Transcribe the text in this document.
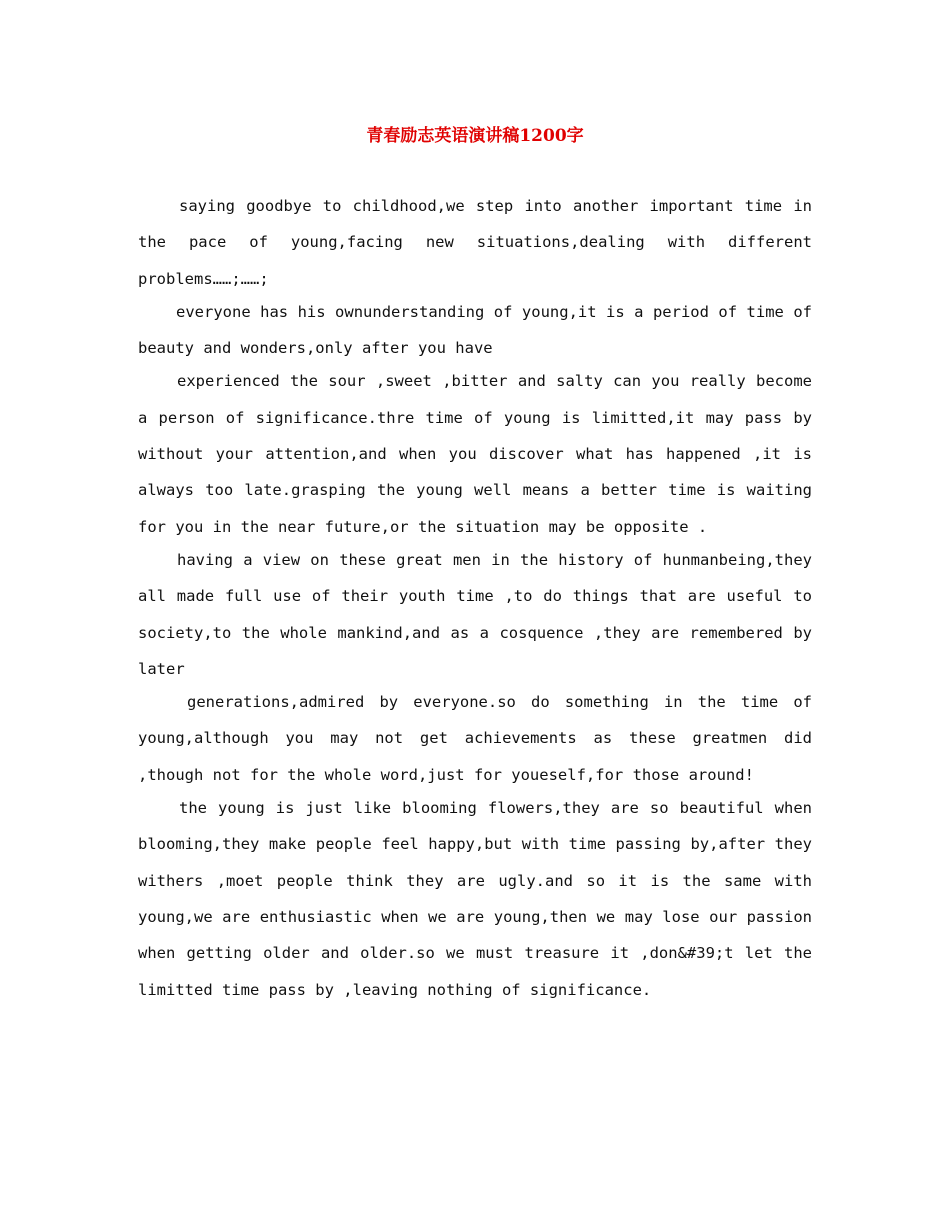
青春励志英语演讲稿1200字

saying goodbye to childhood,we step into another important time in the pace of young,facing new situations,dealing with different problems……;……;

everyone has his ownunderstanding of young,it is a period of time of beauty and wonders,only after you have

experienced the sour ,sweet ,bitter and salty can you really become a person of significance.thre time of young is limitted,it may pass by without your attention,and when you discover what has happened ,it is always too late.grasping the young well means a better time is waiting for you in the near future,or the situation may be opposite .

having a view on these great men in the history of hunmanbeing,they all made full use of their youth time ,to do things that are useful to society,to the whole mankind,and as a cosquence ,they are remembered by later

generations,admired by everyone.so do something in the time of young,although you may not get achievements as these greatmen did ,though not for the whole word,just for youeself,for those around!

the young is just like blooming flowers,they are so beautiful when blooming,they make people feel happy,but with time passing by,after they withers ,moet people think they are ugly.and so it is the same with young,we are enthusiastic when we are young,then we may lose our passion when getting older and older.so we must treasure it ,don&#39;t let the limitted time pass by ,leaving nothing of significance.
